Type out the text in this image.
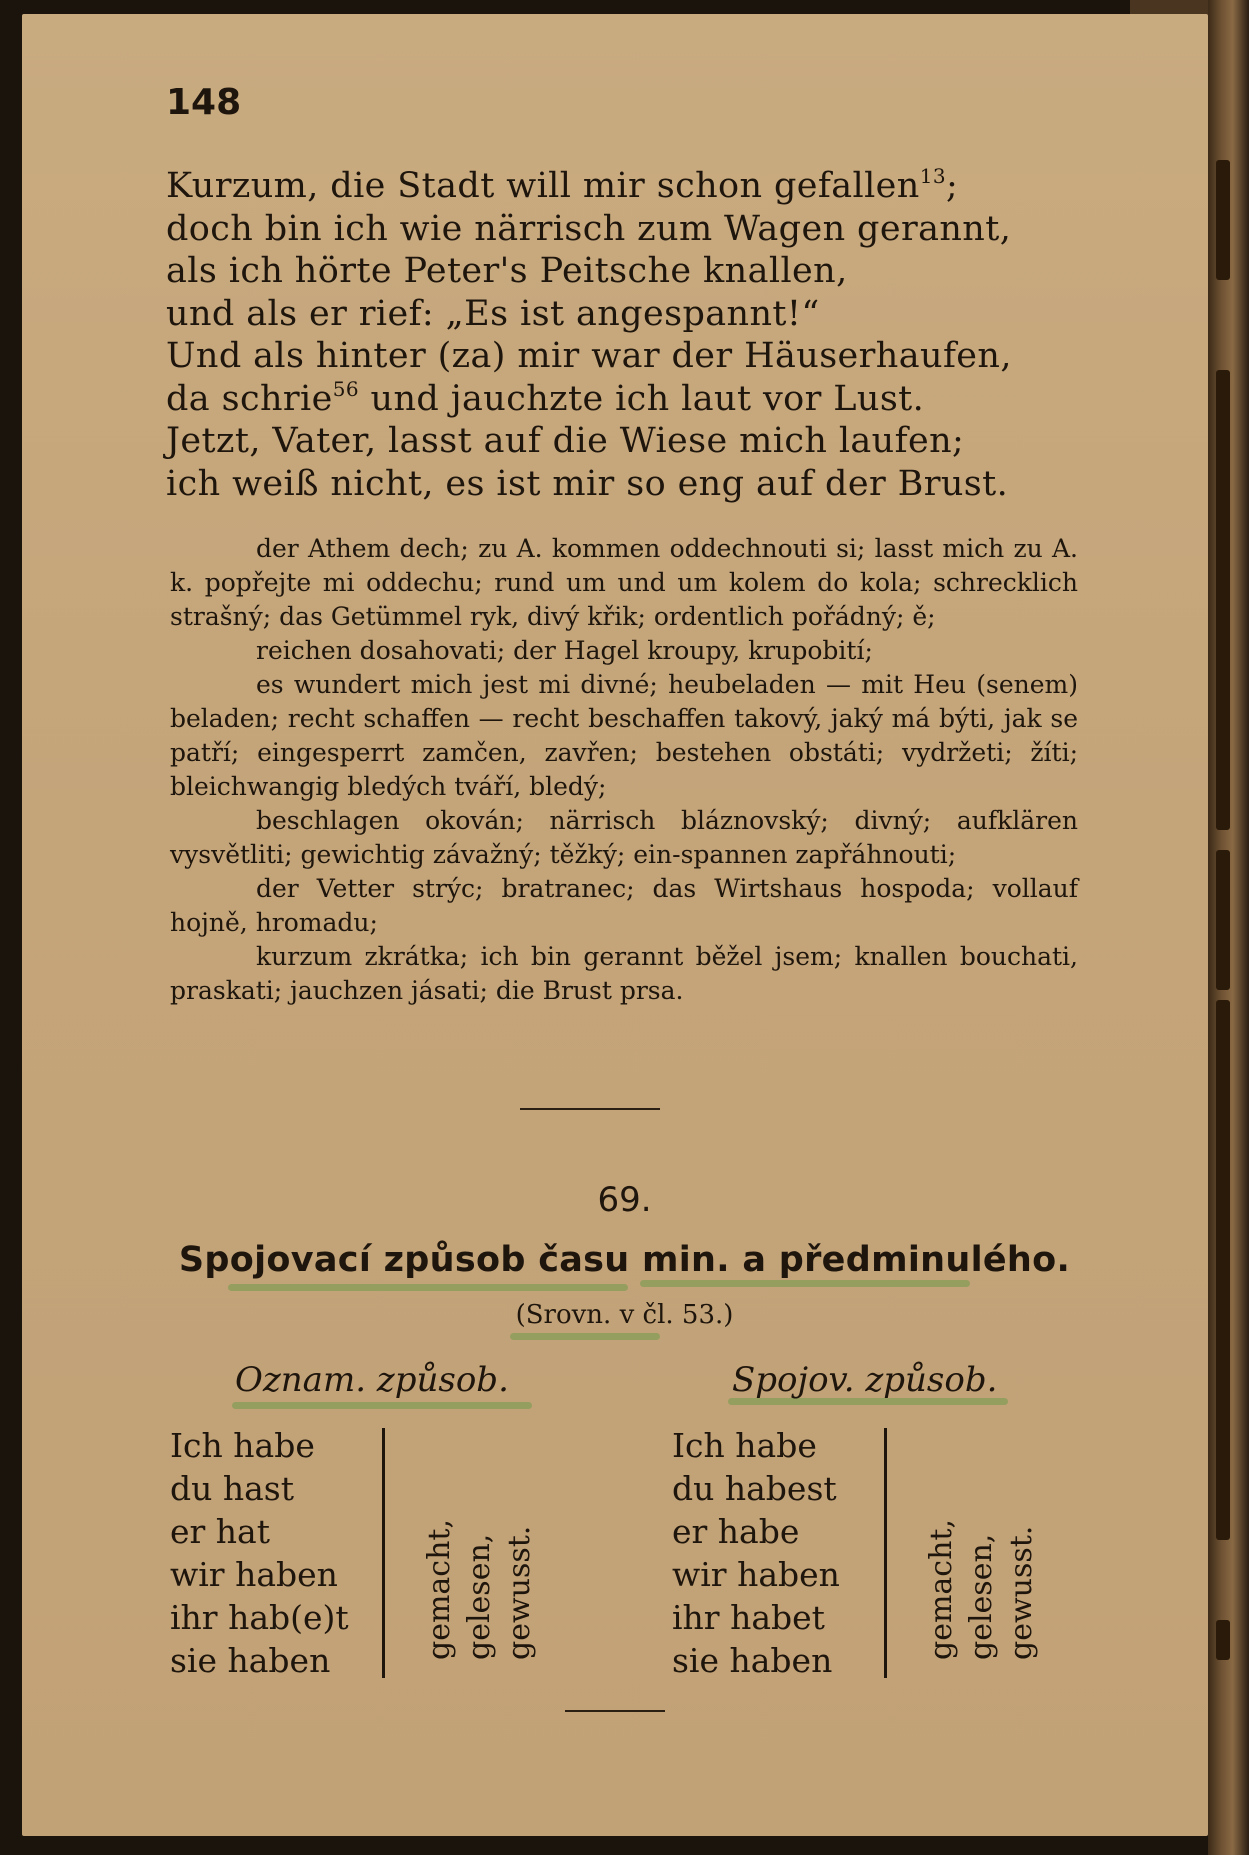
148
Kurzum, die Stadt will mir schon gefallen$^{13}$;
doch bin ich wie närrisch zum Wagen gerannt,
als ich hörte Peter's Peitsche knallen,
und als er rief: „Es ist angespannt!“
Und als hinter (za) mir war der Häuserhaufen,
da schrie$^{56}$ und jauchzte ich laut vor Lust.
Jetzt, Vater, lasst auf die Wiese mich laufen;
ich weiß nicht, es ist mir so eng auf der Brust.

der Athem dech; zu A. kommen oddechnouti si; lasst mich zu A. k. popřejte mi oddechu; rund um und um kolem do kola; schrecklich strašný; das Getümmel ryk, divý křik; ordentlich pořádný; ě;

reichen dosahovati; der Hagel kroupy, krupobití;

es wundert mich jest mi divné; heubeladen — mit Heu (senem) beladen; recht schaffen — recht beschaffen takový, jaký má býti, jak se patří; eingesperrt zamčen, zavřen; bestehen obstáti; vydržeti; žíti; bleichwangig bledých tváří, bledý;

beschlagen okován; närrisch bláznovský; divný; aufklären vysvětliti; gewichtig závažný; těžký; ein-spannen zapřáhnouti;

der Vetter strýc; bratranec; das Wirtshaus hospoda; vollauf hojně, hromadu;

kurzum zkrátka; ich bin gerannt běžel jsem; knallen bouchati, praskati; jauchzen jásati; die Brust prsa.

69.
Spojovací způsob času min. a předminulého.
(Srovn. v čl. 53.)
Oznam. způsob.	Spojov. způsob.
Ich habe
du hast
er hat
wir haben
ihr hab(e)t
sie haben
gemacht, gelesen, gewusst.
Ich habe
du habest
er habe
wir haben
ihr habet
sie haben
gemacht, gelesen, gewusst.
